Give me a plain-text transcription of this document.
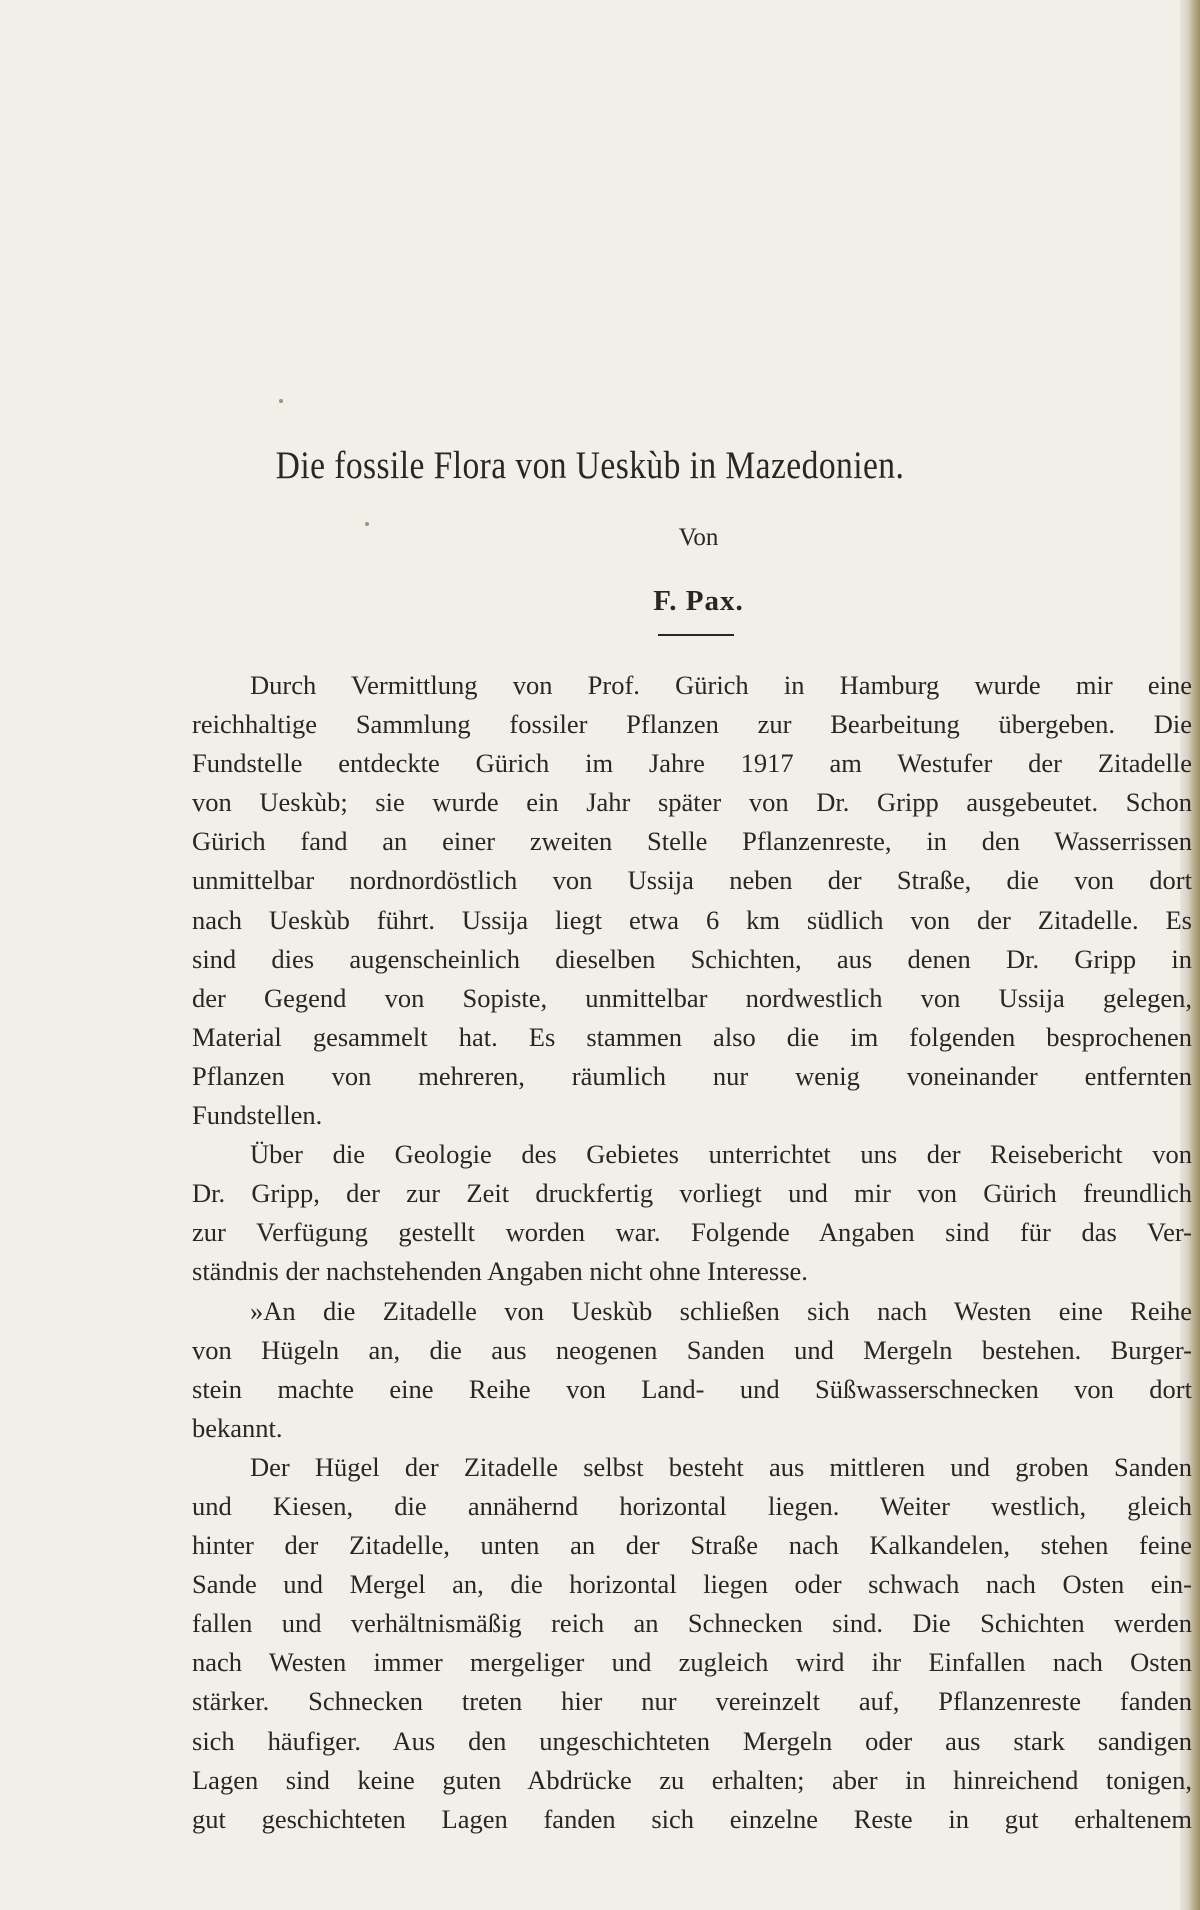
Die fossile Flora von Ueskùb in Mazedonien.
Von
F. Pax.
Durch Vermittlung von Prof. Gürich in Hamburg wurde mir eine
reichhaltige Sammlung fossiler Pflanzen zur Bearbeitung übergeben. Die
Fundstelle entdeckte Gürich im Jahre 1917 am Westufer der Zitadelle
von Ueskùb; sie wurde ein Jahr später von Dr. Gripp ausgebeutet. Schon
Gürich fand an einer zweiten Stelle Pflanzenreste, in den Wasserrissen
unmittelbar nordnordöstlich von Ussija neben der Straße, die von dort
nach Ueskùb führt. Ussija liegt etwa 6 km südlich von der Zitadelle. Es
sind dies augenscheinlich dieselben Schichten, aus denen Dr. Gripp in
der Gegend von Sopiste, unmittelbar nordwestlich von Ussija gelegen,
Material gesammelt hat. Es stammen also die im folgenden besprochenen
Pflanzen von mehreren, räumlich nur wenig voneinander entfernten
Fundstellen.
Über die Geologie des Gebietes unterrichtet uns der Reisebericht von
Dr. Gripp, der zur Zeit druckfertig vorliegt und mir von Gürich freundlich
zur Verfügung gestellt worden war. Folgende Angaben sind für das Ver-
ständnis der nachstehenden Angaben nicht ohne Interesse.
»An die Zitadelle von Ueskùb schließen sich nach Westen eine Reihe
von Hügeln an, die aus neogenen Sanden und Mergeln bestehen. Burger-
stein machte eine Reihe von Land- und Süßwasserschnecken von dort
bekannt.
Der Hügel der Zitadelle selbst besteht aus mittleren und groben Sanden
und Kiesen, die annähernd horizontal liegen. Weiter westlich, gleich
hinter der Zitadelle, unten an der Straße nach Kalkandelen, stehen feine
Sande und Mergel an, die horizontal liegen oder schwach nach Osten ein-
fallen und verhältnismäßig reich an Schnecken sind. Die Schichten werden
nach Westen immer mergeliger und zugleich wird ihr Einfallen nach Osten
stärker. Schnecken treten hier nur vereinzelt auf, Pflanzenreste fanden
sich häufiger. Aus den ungeschichteten Mergeln oder aus stark sandigen
Lagen sind keine guten Abdrücke zu erhalten; aber in hinreichend tonigen,
gut geschichteten Lagen fanden sich einzelne Reste in gut erhaltenem
